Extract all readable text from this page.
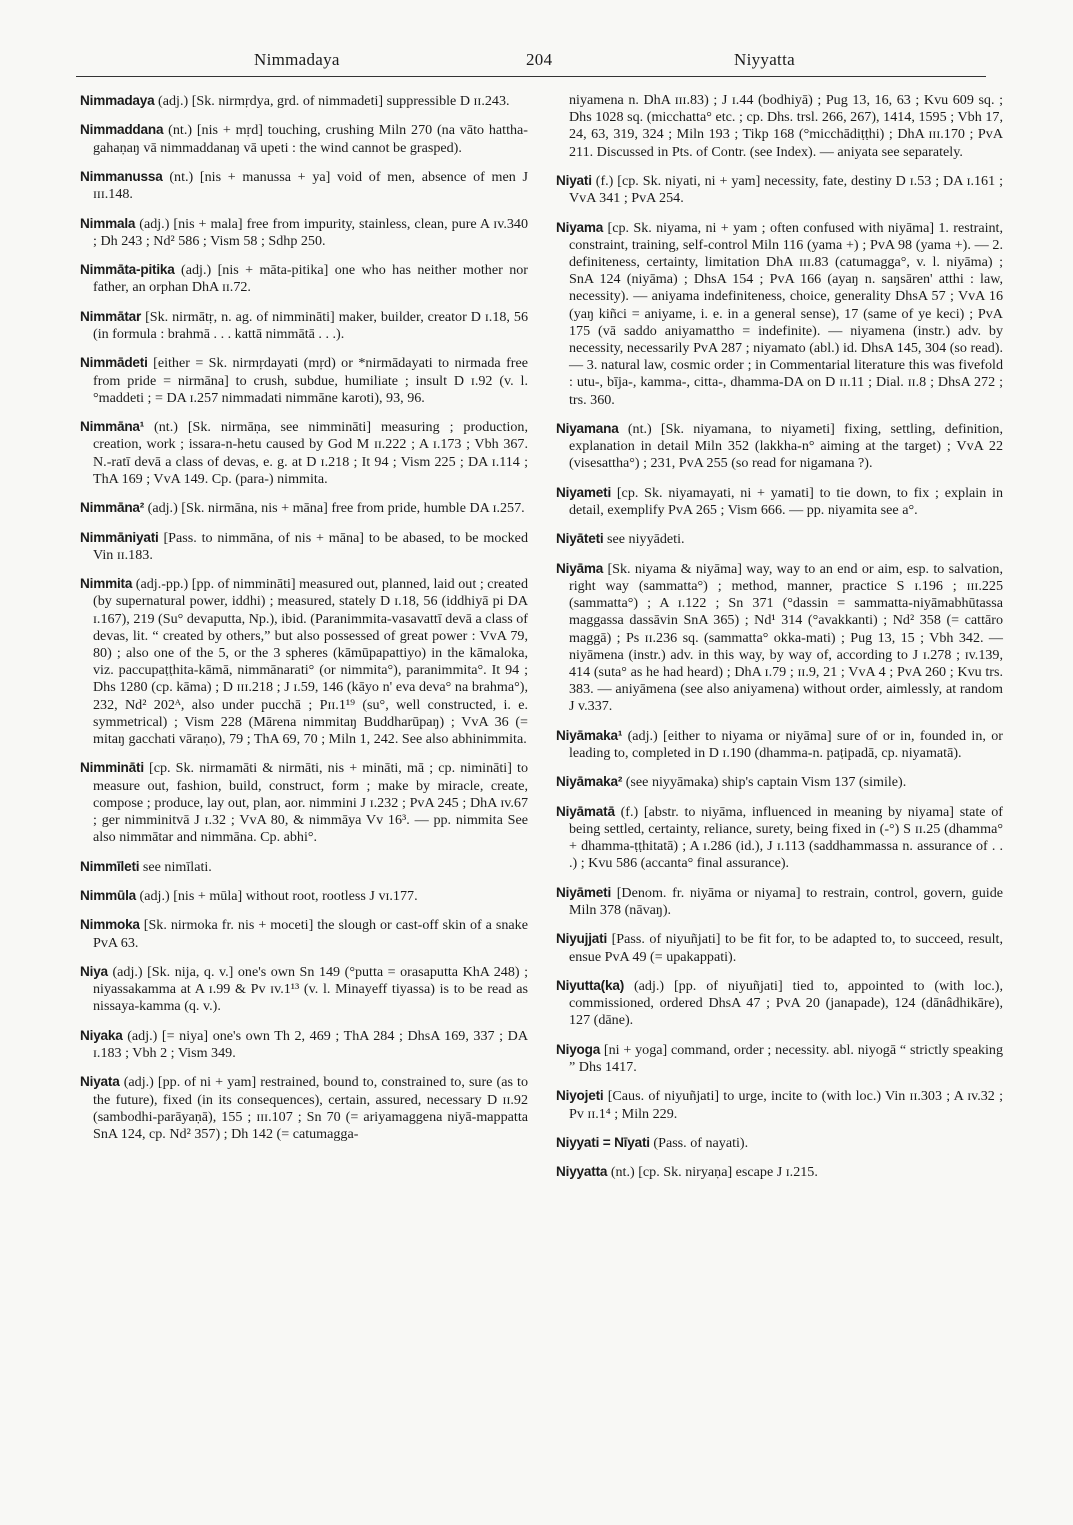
Nimmadaya	204	Niyyatta

Nimmadaya (adj.) [Sk. nirmṛdya, grd. of nimmadeti] suppressible D ɪɪ.243.

Nimmaddana (nt.) [nis + mṛd] touching, crushing Miln 270 (na vāto hattha-gahaṇaŋ vā nimmaddanaŋ vā upeti : the wind cannot be grasped).

Nimmanussa (nt.) [nis + manussa + ya] void of men, absence of men J ɪɪɪ.148.

Nimmala (adj.) [nis + mala] free from impurity, stainless, clean, pure A ɪv.340 ; Dh 243 ; Nd² 586 ; Vism 58 ; Sdhp 250.

Nimmāta-pitika (adj.) [nis + māta-pitika] one who has neither mother nor father, an orphan DhA ɪɪ.72.

Nimmātar [Sk. nirmātṛ, n. ag. of nimmināti] maker, builder, creator D ɪ.18, 56 (in formula : brahmā . . . kattā nimmātā . . .).

Nimmādeti [either = Sk. nirmṛdayati (mṛd) or *nirmādayati to nirmada free from pride = nirmāna] to crush, subdue, humiliate ; insult D ɪ.92 (v. l. °maddeti ; = DA ɪ.257 nimmadati nimmāne karoti), 93, 96.

Nimmāna¹ (nt.) [Sk. nirmāṇa, see nimmināti] measuring ; production, creation, work ; issara-n-hetu caused by God M ɪɪ.222 ; A ɪ.173 ; Vbh 367. N.-ratī devā a class of devas, e. g. at D ɪ.218 ; It 94 ; Vism 225 ; DA ɪ.114 ; ThA 169 ; VvA 149. Cp. (para-) nimmita.

Nimmāna² (adj.) [Sk. nirmāna, nis + māna] free from pride, humble DA ɪ.257.

Nimmāniyati [Pass. to nimmāna, of nis + māna] to be abased, to be mocked Vin ɪɪ.183.

Nimmita (adj.-pp.) [pp. of nimmināti] measured out, planned, laid out ; created (by supernatural power, iddhi) ; measured, stately D ɪ.18, 56 (iddhiyā pi DA ɪ.167), 219 (Su° devaputta, Np.), ibid. (Paranimmita-vasavattī devā a class of devas, lit. “ created by others,” but also possessed of great power : VvA 79, 80) ; also one of the 5, or the 3 spheres (kāmūpapattiyo) in the kāmaloka, viz. paccupaṭṭhita-kāmā, nimmānarati° (or nimmita°), paranimmita°. It 94 ; Dhs 1280 (cp. kāma) ; D ɪɪɪ.218 ; J ɪ.59, 146 (kāyo n' eva deva° na brahma°), 232, Nd² 202ᴬ, also under pucchā ; Pɪɪ.1¹⁹ (su°, well constructed, i. e. symmetrical) ; Vism 228 (Mārena nimmitaŋ Buddharūpaŋ) ; VvA 36 (= mitaŋ gacchati vāraṇo), 79 ; ThA 69, 70 ; Miln 1, 242. See also abhinimmita.

Nimmināti [cp. Sk. nirmamāti & nirmāti, nis + mināti, mā ; cp. nimināti] to measure out, fashion, build, construct, form ; make by miracle, create, compose ; produce, lay out, plan, aor. nimmini J ɪ.232 ; PvA 245 ; DhA ɪv.67 ; ger nimminitvā J ɪ.32 ; VvA 80, & nimmāya Vv 16³. — pp. nimmita See also nimmātar and nimmāna. Cp. abhi°.

Nimmīleti see nimīlati.

Nimmūla (adj.) [nis + mūla] without root, rootless J vɪ.177.

Nimmoka [Sk. nirmoka fr. nis + moceti] the slough or cast-off skin of a snake PvA 63.

Niya (adj.) [Sk. nija, q. v.] one's own Sn 149 (°putta = orasaputta KhA 248) ; niyassakamma at A ɪ.99 & Pv ɪv.1¹³ (v. l. Minayeff tiyassa) is to be read as nissaya-kamma (q. v.).

Niyaka (adj.) [= niya] one's own Th 2, 469 ; ThA 284 ; DhsA 169, 337 ; DA ɪ.183 ; Vbh 2 ; Vism 349.

Niyata (adj.) [pp. of ni + yam] restrained, bound to, constrained to, sure (as to the future), fixed (in its consequences), certain, assured, necessary D ɪɪ.92 (sambodhi-parāyaṇā), 155 ; ɪɪɪ.107 ; Sn 70 (= ariyamaggena niyā-mappatta SnA 124, cp. Nd² 357) ; Dh 142 (= catumagga-

niyamena n. DhA ɪɪɪ.83) ; J ɪ.44 (bodhiyā) ; Pug 13, 16, 63 ; Kvu 609 sq. ; Dhs 1028 sq. (micchatta° etc. ; cp. Dhs. trsl. 266, 267), 1414, 1595 ; Vbh 17, 24, 63, 319, 324 ; Miln 193 ; Tikp 168 (°micchādiṭṭhi) ; DhA ɪɪɪ.170 ; PvA 211. Discussed in Pts. of Contr. (see Index). — aniyata see separately.

Niyati (f.) [cp. Sk. niyati, ni + yam] necessity, fate, destiny D ɪ.53 ; DA ɪ.161 ; VvA 341 ; PvA 254.

Niyama [cp. Sk. niyama, ni + yam ; often confused with niyāma] 1. restraint, constraint, training, self-control Miln 116 (yama +) ; PvA 98 (yama +). — 2. definiteness, certainty, limitation DhA ɪɪɪ.83 (catumagga°, v. l. niyāma) ; SnA 124 (niyāma) ; DhsA 154 ; PvA 166 (ayaŋ n. saŋsāren' atthi : law, necessity). — aniyama indefiniteness, choice, generality DhsA 57 ; VvA 16 (yaŋ kiñci = aniyame, i. e. in a general sense), 17 (same of ye keci) ; PvA 175 (vā saddo aniyamattho = indefinite). — niyamena (instr.) adv. by necessity, necessarily PvA 287 ; niyamato (abl.) id. DhsA 145, 304 (so read). — 3. natural law, cosmic order ; in Commentarial literature this was fivefold : utu-, bīja-, kamma-, citta-, dhamma-DA on D ɪɪ.11 ; Dial. ɪɪ.8 ; DhsA 272 ; trs. 360.

Niyamana (nt.) [Sk. niyamana, to niyameti] fixing, settling, definition, explanation in detail Miln 352 (lakkha-n° aiming at the target) ; VvA 22 (visesattha°) ; 231, PvA 255 (so read for nigamana ?).

Niyameti [cp. Sk. niyamayati, ni + yamati] to tie down, to fix ; explain in detail, exemplify PvA 265 ; Vism 666. — pp. niyamita see a°.

Niyāteti see niyyādeti.

Niyāma [Sk. niyama & niyāma] way, way to an end or aim, esp. to salvation, right way (sammatta°) ; method, manner, practice S ɪ.196 ; ɪɪɪ.225 (sammatta°) ; A ɪ.122 ; Sn 371 (°dassin = sammatta-niyāmabhūtassa maggassa dassāvin SnA 365) ; Nd¹ 314 (°avakkanti) ; Nd² 358 (= cattāro maggā) ; Ps ɪɪ.236 sq. (sammatta° okka-mati) ; Pug 13, 15 ; Vbh 342. — niyāmena (instr.) adv. in this way, by way of, according to J ɪ.278 ; ɪv.139, 414 (suta° as he had heard) ; DhA ɪ.79 ; ɪɪ.9, 21 ; VvA 4 ; PvA 260 ; Kvu trs. 383. — aniyāmena (see also aniyamena) without order, aimlessly, at random J v.337.

Niyāmaka¹ (adj.) [either to niyama or niyāma] sure of or in, founded in, or leading to, completed in D ɪ.190 (dhamma-n. paṭipadā, cp. niyamatā).

Niyāmaka² (see niyyāmaka) ship's captain Vism 137 (simile).

Niyāmatā (f.) [abstr. to niyāma, influenced in meaning by niyama] state of being settled, certainty, reliance, surety, being fixed in (-°) S ɪɪ.25 (dhamma° + dhamma-ṭṭhitatā) ; A ɪ.286 (id.), J ɪ.113 (saddhammassa n. assurance of . . .) ; Kvu 586 (accanta° final assurance).

Niyāmeti [Denom. fr. niyāma or niyama] to restrain, control, govern, guide Miln 378 (nāvaŋ).

Niyujjati [Pass. of niyuñjati] to be fit for, to be adapted to, to succeed, result, ensue PvA 49 (= upakappati).

Niyutta(ka) (adj.) [pp. of niyuñjati] tied to, appointed to (with loc.), commissioned, ordered DhsA 47 ; PvA 20 (janapade), 124 (dānâdhikāre), 127 (dāne).

Niyoga [ni + yoga] command, order ; necessity. abl. niyogā “ strictly speaking ” Dhs 1417.

Niyojeti [Caus. of niyuñjati] to urge, incite to (with loc.) Vin ɪɪ.303 ; A ɪv.32 ; Pv ɪɪ.1⁴ ; Miln 229.

Niyyati = Nīyati (Pass. of nayati).

Niyyatta (nt.) [cp. Sk. niryaṇa] escape J ɪ.215.
